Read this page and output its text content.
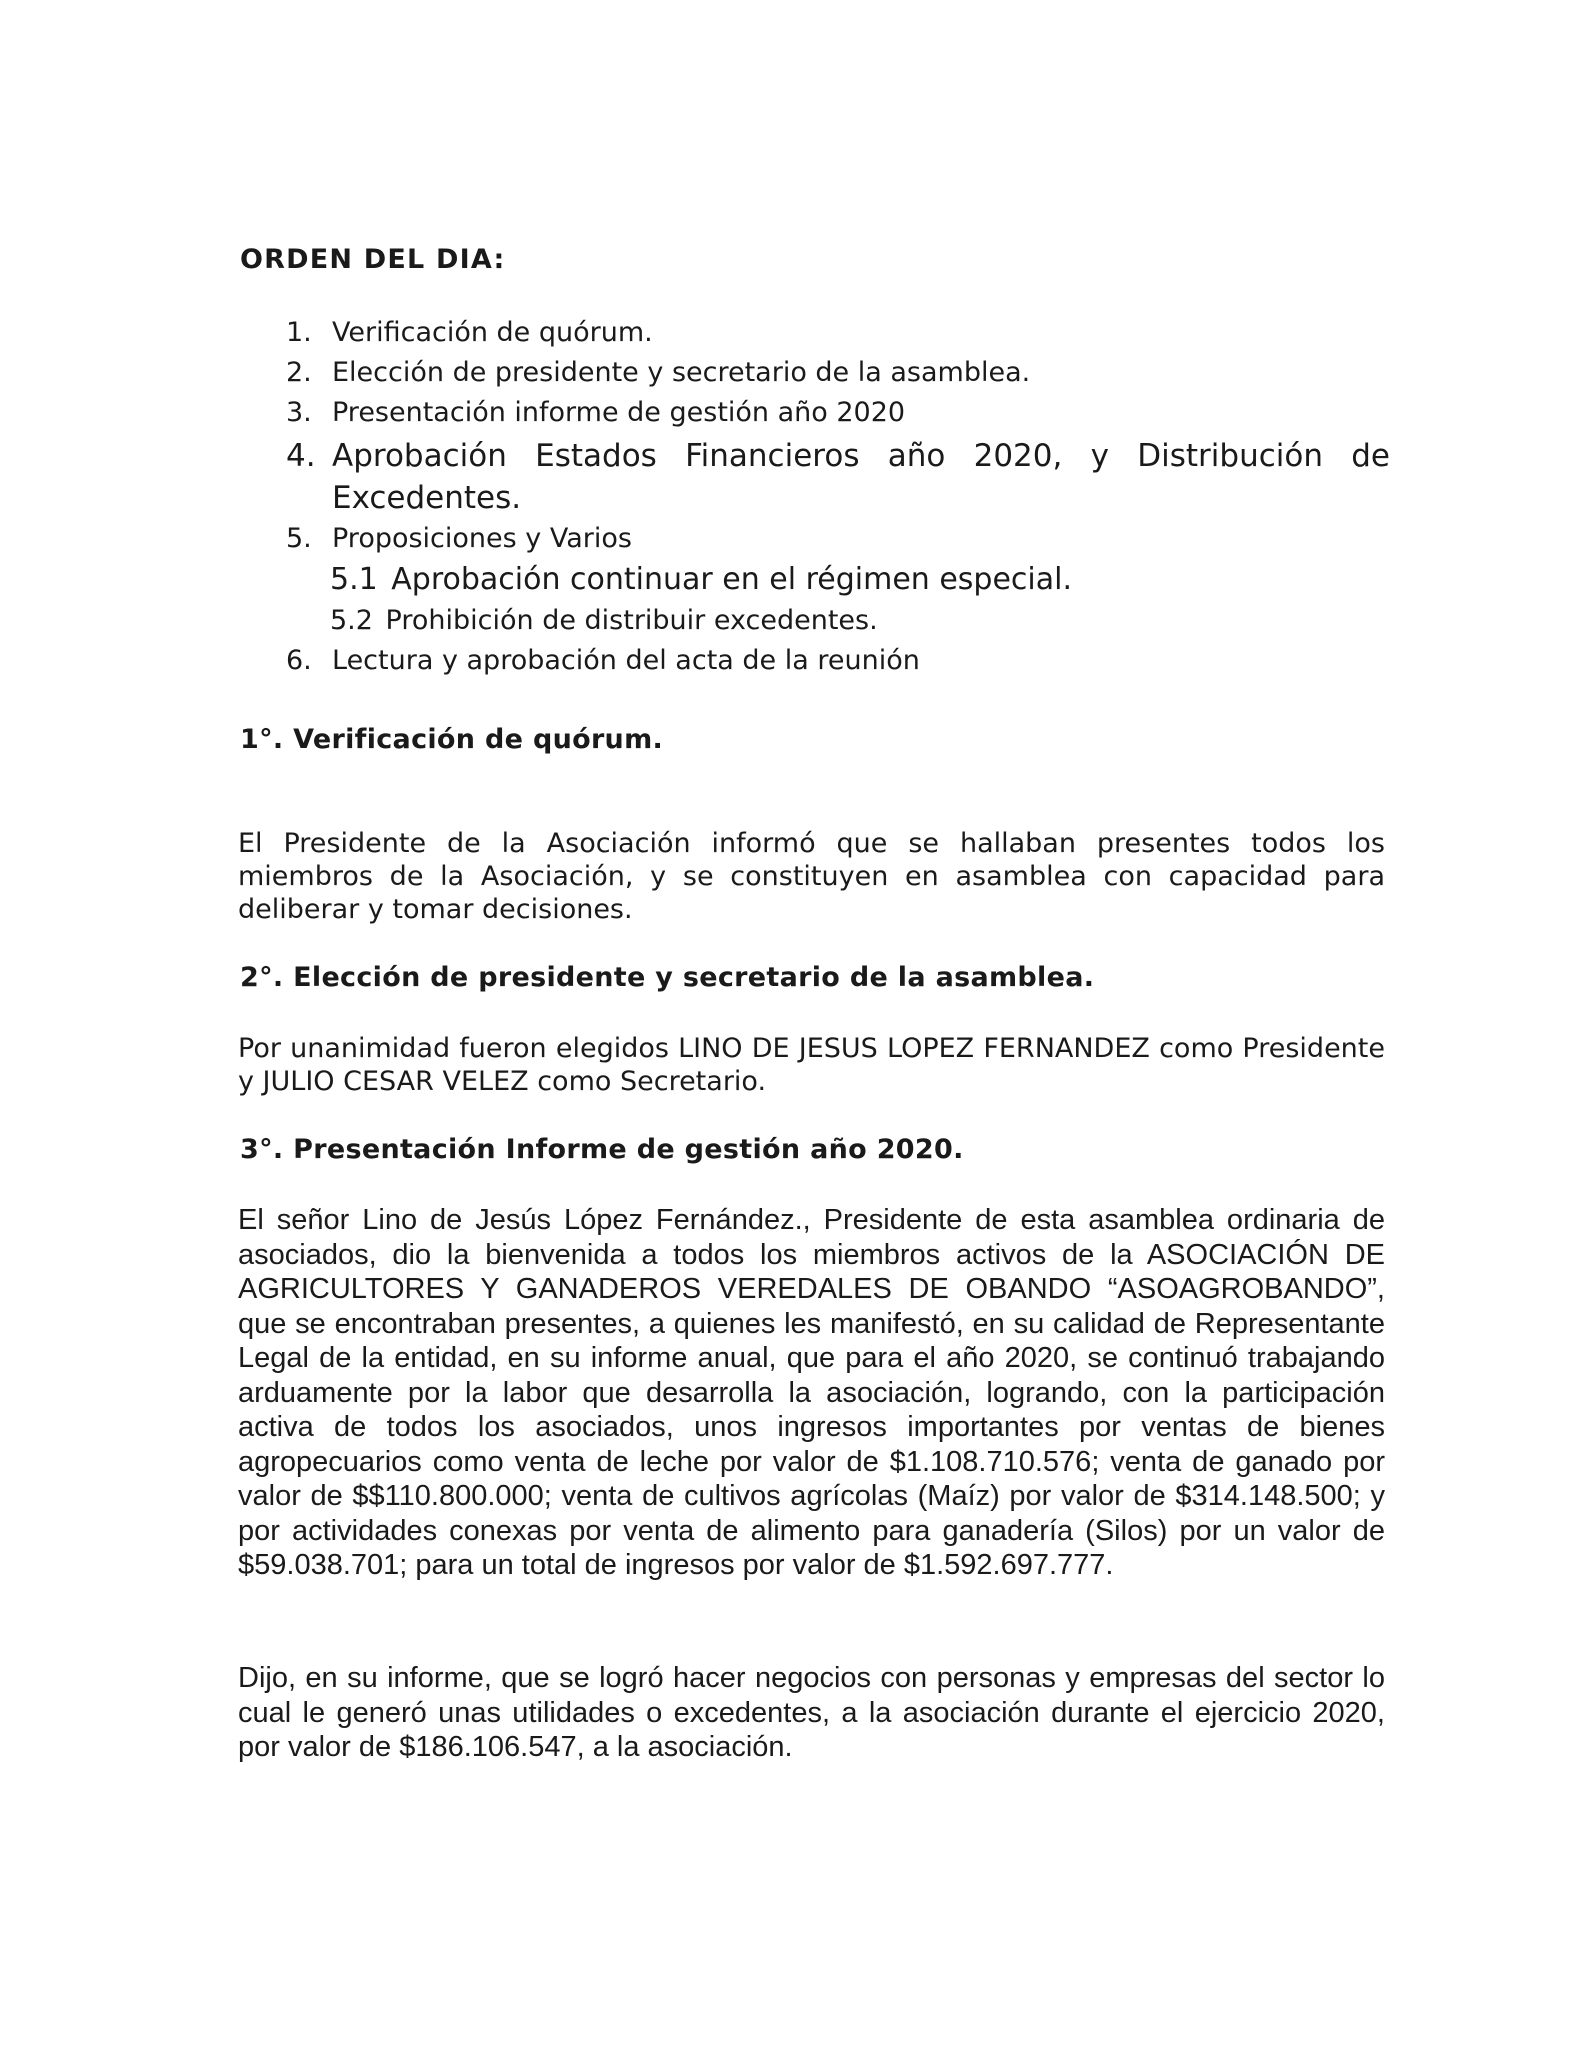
ORDEN DEL DIA:
1. Verificación de quórum.
2. Elección de presidente y secretario de la asamblea.
3. Presentación informe de gestión año 2020
4. Aprobación Estados Financieros año 2020, y Distribución de Excedentes.
5. Proposiciones y Varios
5.1 Aprobación continuar en el régimen especial.
5.2 Prohibición de distribuir excedentes.
6. Lectura y aprobación del acta de la reunión
1°. Verificación de quórum.

El Presidente de la Asociación informó que se hallaban presentes todos los miembros de la Asociación, y se constituyen en asamblea con capacidad para deliberar y tomar decisiones.

2°. Elección de presidente y secretario de la asamblea.

Por unanimidad fueron elegidos LINO DE JESUS LOPEZ FERNANDEZ como Presidente y JULIO CESAR VELEZ como Secretario.

3°. Presentación Informe de gestión año 2020.

El señor Lino de Jesús López Fernández., Presidente de esta asamblea ordinaria de asociados, dio la bienvenida a todos los miembros activos de la ASOCIACIÓN DE AGRICULTORES Y GANADEROS VEREDALES DE OBANDO “ASOAGROBANDO”, que se encontraban presentes, a quienes les manifestó, en su calidad de Representante Legal de la entidad, en su informe anual, que para el año 2020, se continuó trabajando arduamente por la labor que desarrolla la asociación, logrando, con la participación activa de todos los asociados, unos ingresos importantes por ventas de bienes agropecuarios como venta de leche por valor de $1.108.710.576; venta de ganado por valor de $$110.800.000; venta de cultivos agrícolas (Maíz) por valor de $314.148.500; y por actividades conexas por venta de alimento para ganadería (Silos) por un valor de $59.038.701; para un total de ingresos por valor de $1.592.697.777.

Dijo, en su informe, que se logró hacer negocios con personas y empresas del sector lo cual le generó unas utilidades o excedentes, a la asociación durante el ejercicio 2020, por valor de $186.106.547, a la asociación.
